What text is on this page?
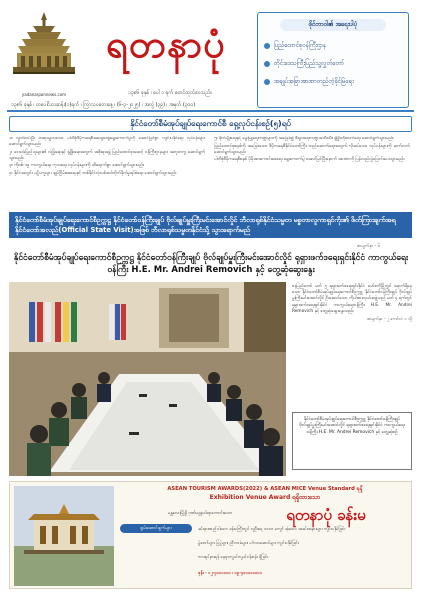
yadanarponnews.com
ရတနာပုံ
၁၃၈၆ ခုနှစ် ၊ ပေါ ၁ ရက် စတင်ထုတ်ဝေသည်။
၁၃၈၆ ခုနှစ် ၊ တပေါင်းလဆန်း(၁)ရက် ၊ ကြာသပတေးနေ့ ၊ (၆-၃-၂၀၂၅) ၊ အတွဲ (၃၉) ၊ အမှတ် (၃၀၀)
ဖိုင်တာဝါ၏ အရေးပါပုံ
ပြည်ထောင်စုဝန်ကြီးဌာန
တိုင်းဒေသကြီးပြည်သူ့လွှတ်တော်
အချုပ်အခြာအာဏာတည်တံ့ခိုင်မြဲရေး
နိုင်ငံတော်စီမံအုပ်ချုပ်ရေးကောင်စီ ရှေ့လုပ်ငန်းစဉ်(၅)ရပ်

၁။ လွတ်လပ်ပြီး တရားမျှတသော ပါတီစုံဒီမိုကရေစီအထွေထွေရွေးကောက်ပွဲကို အောင်မြင်စွာ ကျင်းပနိုင်ရေး လုပ်ငန်းများ ဆောင်ရွက်သွားမည်။

၂။ ဒေသခံပြည်သူများ၏ လုံခြုံရေးနှင့် ဖွံ့ဖြိုးရေးအတွက် အစိုးရအဖွဲ့ ပြည်ထောင်စုအဆင့် ဝန်ကြီးဌာနများ အတူတကွ ဆောင်ရွက်သွားမည်။

၃။ ကိုဗစ်-၁၉ ကာကွယ်ရေး ကုသရေး လုပ်ငန်းများကို ထိရောက်စွာ ဆောင်ရွက်သွားမည်။

၄။ နိုင်ငံအတွင်း ပဋိပက္ခများ ချုပ်ငြိမ်းစေရေးနှင့် တစ်နိုင်ငံလုံးပစ်ခတ်တိုက်ခိုက်မှုရပ်စဲရေး ဆောင်ရွက်သွားမည်။

၅။ စိုက်ပျိုးရေးနှင့် မွေးမြူရေးကဏ္ဍများကို အခြေခံ၍ စီးပွားရေးကဏ္ဍအသီးသီး ဖွံ့ဖြိုးတိုးတက်ရေး ဆောင်ရွက်သွားမည်။

ပြည်ထောင်စုစနစ်ကို အခြေခံသော ဒီမိုကရေစီနိုင်ငံတော်ကြီး တည်ဆောက်ရေးအတွက် လိုအပ်သော လုပ်ငန်းများကို ဆက်လက်ဆောင်ရွက်သွားမည်။

ပါတီစုံဒီမိုကရေစီစနစ် ပိုမိုအားကောင်းစေရေး ရွေးကောက်ပွဲ အောင်မြင်ပြီးနောက် အာဏာကို ပြန်လည်လွှဲပြောင်းပေးသွားမည်။

နိုင်ငံတော်စီမံအုပ်ချုပ်ရေးကောင်စီဥက္ကဋ္ဌ နိုင်ငံတော်ဝန်ကြီးချုပ် ဗိုလ်ချုပ်မှူးကြီးမင်းအောင်လှိုင် ဘီလာရုစ်နိုင်ငံသမ္မတ မစ္စတာလူကာရှင်ကိုး၏ ဖိတ်ကြားချက်အရ နိုင်ငံတော်အလည်(Official State Visit)အဖြစ် ဘီလာရုစ်သမ္မတနိုင်ငံသို့ သွားရောက်မည်
စာမျက်နှာ - ၆
နိုင်ငံတော်စီမံအုပ်ချုပ်ရေးကောင်စီဥက္ကဋ္ဌ နိုင်ငံတော်ဝန်ကြီးချုပ် ဗိုလ်ချုပ်မှူးကြီးမင်းအောင်လှိုင် ရုရှားဖက်ဒရေးရှင်းနိုင်ငံ ကာကွယ်ရေးဝန်ကြီး H.E. Mr. Andrei Removich နှင့် တွေ့ဆုံဆွေးနွေး

နေပြည်တော် မတ် ၅ ရုရှားဖက်ဒရေးရှင်းနိုင်ငံ မော်စကိုမြို့တွင် ရောက်ရှိနေသော နိုင်ငံတော်စီမံအုပ်ချုပ်ရေးကောင်စီဥက္ကဋ္ဌ နိုင်ငံတော်ဝန်ကြီးချုပ် ဗိုလ်ချုပ်မှူးကြီးမင်းအောင်လှိုင် ဦးဆောင်သော ကိုယ်စားလှယ်အဖွဲ့သည် မတ် ၄ ရက်တွင် ရုရှားဖက်ဒရေးရှင်းနိုင်ငံ ကာကွယ်ရေးဝန်ကြီး H.E. Mr. Andrei Removich နှင့် တွေ့ဆုံဆွေးနွေးသည်။

စာမျက်နှာ - ၂ ကော်လံ ၁ သို့

နိုင်ငံတော်စီမံအုပ်ချုပ်ရေးကောင်စီဥက္ကဋ္ဌ နိုင်ငံတော်ဝန်ကြီးချုပ် ဗိုလ်ချုပ်မှူးကြီးမင်းအောင်လှိုင် ရုရှားဖက်ဒရေးရှင်းနိုင်ငံ ကာကွယ်ရေးဝန်ကြီး H.E. Mr. Andrei Removich နှင့် တွေ့ဆုံစဉ်

ASEAN TOURISM AWARDS(2022) & ASEAN MICE Venue Standard ရရှိ
Exhibition Venue Award ရရှိထားသော
မန္တလေးမြို့ရှိ ဂုဏ်ယူဖွယ်ရာကောင်းသော	ရတနာပုံ ခန်းမ
စွမ်းဆောင်ချက်များ	ခမ်းနားထည်ဝါသော ခန်းမကြီးတွင် လူဦးရေ ၁၀၀၀ ကျော် ဆံ့သော အခမ်းအနားများ ကျင်းပနိုင်ခြင်း
ပွဲတော်များ၊ ပြပွဲများ၊ ညီလာခံများ၊ မင်္ဂလာဆောင်များ ကျင်းပနိုင်ခြင်း
ကားရပ်နားရန် နေရာကျယ်ကျယ်ဝန်းဝန်း ရှိခြင်း
ဖုန်း - ၀၂-၄၀၀၀၀၀၀ ၊ ၀၉-၄၀၀၀၀၀၀၀၀
